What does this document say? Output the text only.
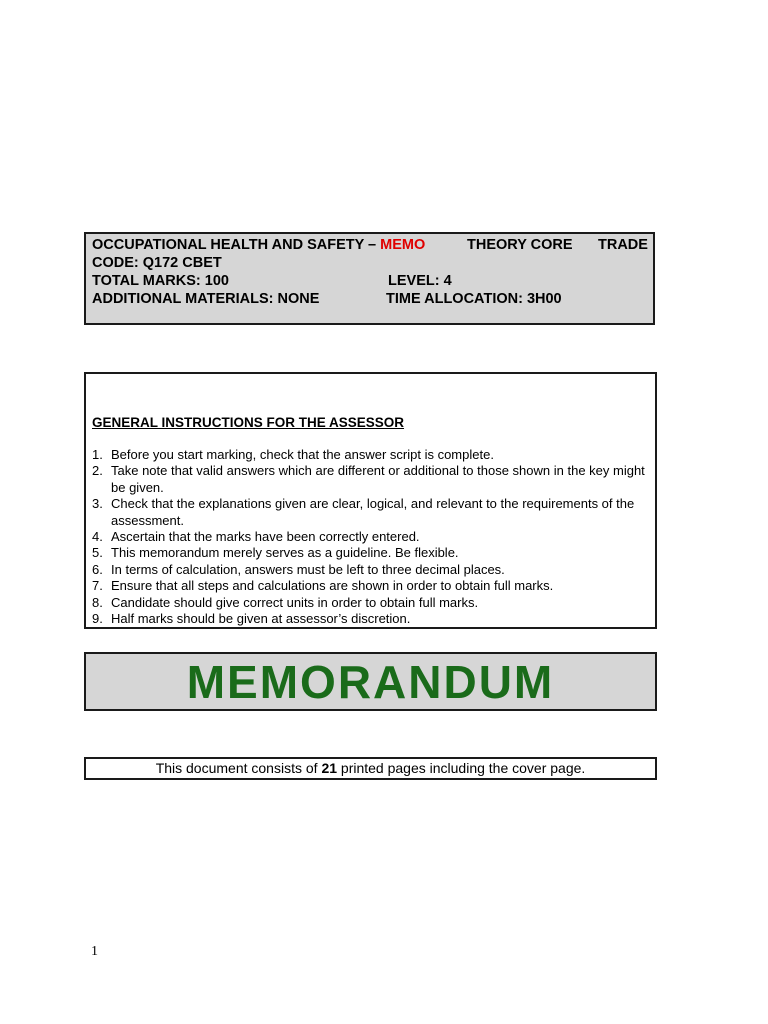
OCCUPATIONAL HEALTH AND SAFETY – MEMO	THEORY CORE TRADE
CODE: Q172 CBET
TOTAL MARKS: 100	LEVEL: 4
ADDITIONAL MATERIALS: NONE	TIME ALLOCATION: 3H00
GENERAL INSTRUCTIONS FOR THE ASSESSOR
1. Before you start marking, check that the answer script is complete.
2. Take note that valid answers which are different or additional to those shown in the key might be given.
3. Check that the explanations given are clear, logical, and relevant to the requirements of the assessment.
4. Ascertain that the marks have been correctly entered.
5. This memorandum merely serves as a guideline. Be flexible.
6. In terms of calculation, answers must be left to three decimal places.
7. Ensure that all steps and calculations are shown in order to obtain full marks.
8. Candidate should give correct units in order to obtain full marks.
9. Half marks should be given at assessor’s discretion.
MEMORANDUM
This document consists of 21 printed pages including the cover page.
1
